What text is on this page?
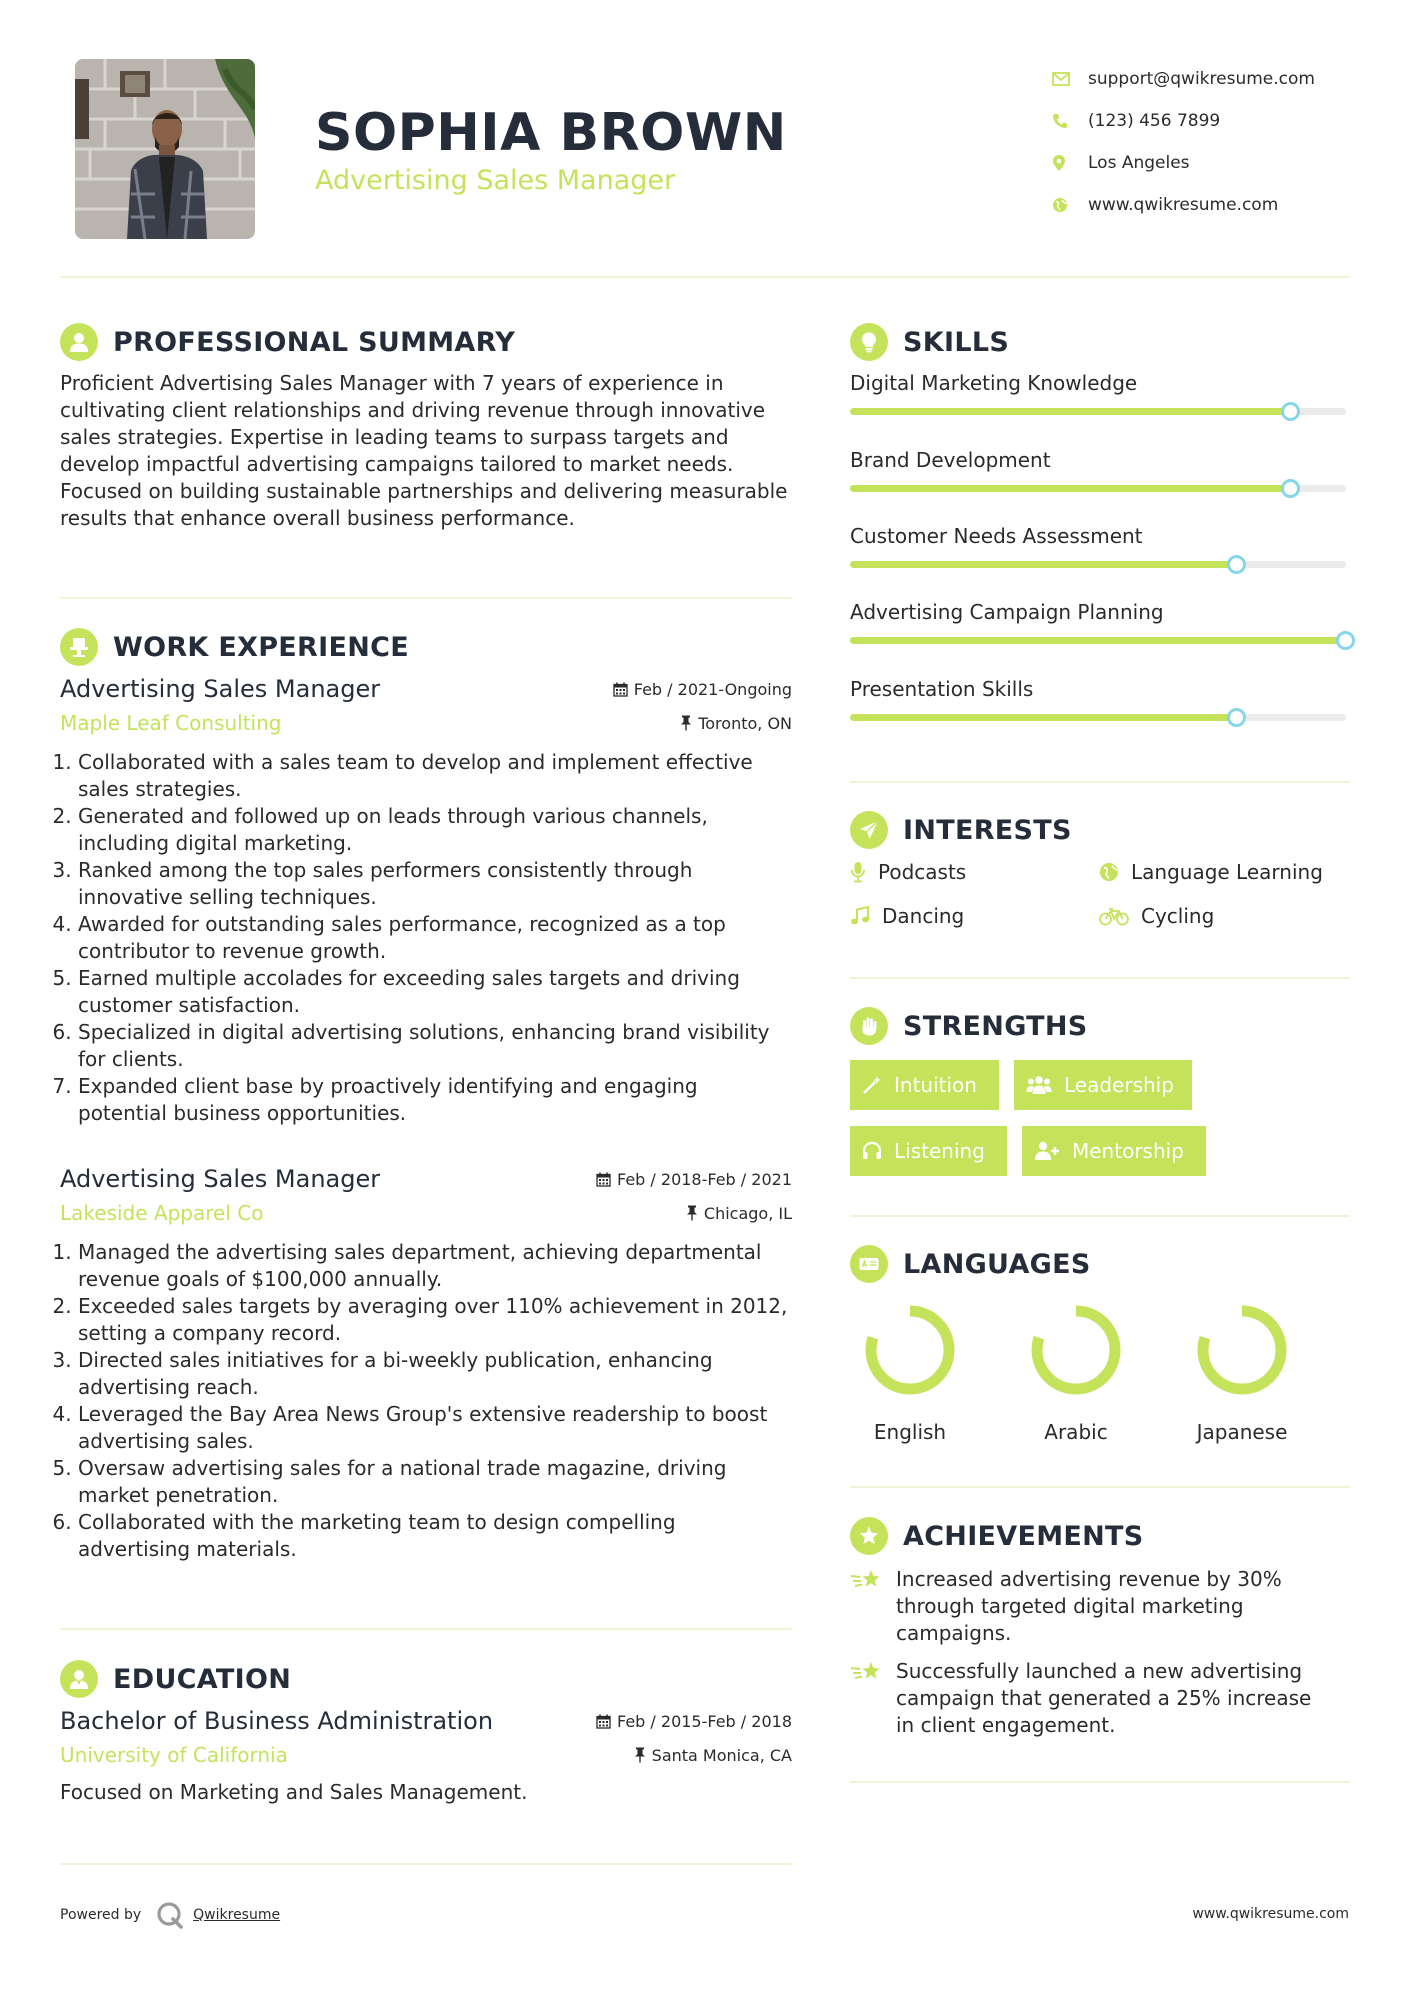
SOPHIA BROWN
Advertising Sales Manager
support@qwikresume.com
(123) 456 7899
Los Angeles
www.qwikresume.com
PROFESSIONAL SUMMARY

Proficient Advertising Sales Manager with 7 years of experience in cultivating client relationships and driving revenue through innovative sales strategies. Expertise in leading teams to surpass targets and develop impactful advertising campaigns tailored to market needs. Focused on building sustainable partnerships and delivering measurable results that enhance overall business performance.

WORK EXPERIENCE
Advertising Sales Manager	Feb / 2021-Ongoing
Maple Leaf Consulting	Toronto, ON
1. Collaborated with a sales team to develop and implement effective sales strategies.
2. Generated and followed up on leads through various channels, including digital marketing.
3. Ranked among the top sales performers consistently through innovative selling techniques.
4. Awarded for outstanding sales performance, recognized as a top contributor to revenue growth.
5. Earned multiple accolades for exceeding sales targets and driving customer satisfaction.
6. Specialized in digital advertising solutions, enhancing brand visibility for clients.
7. Expanded client base by proactively identifying and engaging potential business opportunities.
Advertising Sales Manager	Feb / 2018-Feb / 2021
Lakeside Apparel Co	Chicago, IL
1. Managed the advertising sales department, achieving departmental revenue goals of $100,000 annually.
2. Exceeded sales targets by averaging over 110% achievement in 2012, setting a company record.
3. Directed sales initiatives for a bi-weekly publication, enhancing advertising reach.
4. Leveraged the Bay Area News Group's extensive readership to boost advertising sales.
5. Oversaw advertising sales for a national trade magazine, driving market penetration.
6. Collaborated with the marketing team to design compelling advertising materials.
EDUCATION
Bachelor of Business Administration	Feb / 2015-Feb / 2018
University of California	Santa Monica, CA

Focused on Marketing and Sales Management.

SKILLS
Digital Marketing Knowledge
Brand Development
Customer Needs Assessment
Advertising Campaign Planning
Presentation Skills
INTERESTS
Podcasts	Language Learning
Dancing	Cycling
STRENGTHS
Intuition	Leadership
Listening	Mentorship
LANGUAGES
English	Arabic	Japanese
ACHIEVEMENTS
Increased advertising revenue by 30% through targeted digital marketing campaigns.
Successfully launched a new advertising campaign that generated a 25% increase in client engagement.
Powered by	Qwikresume	www.qwikresume.com
